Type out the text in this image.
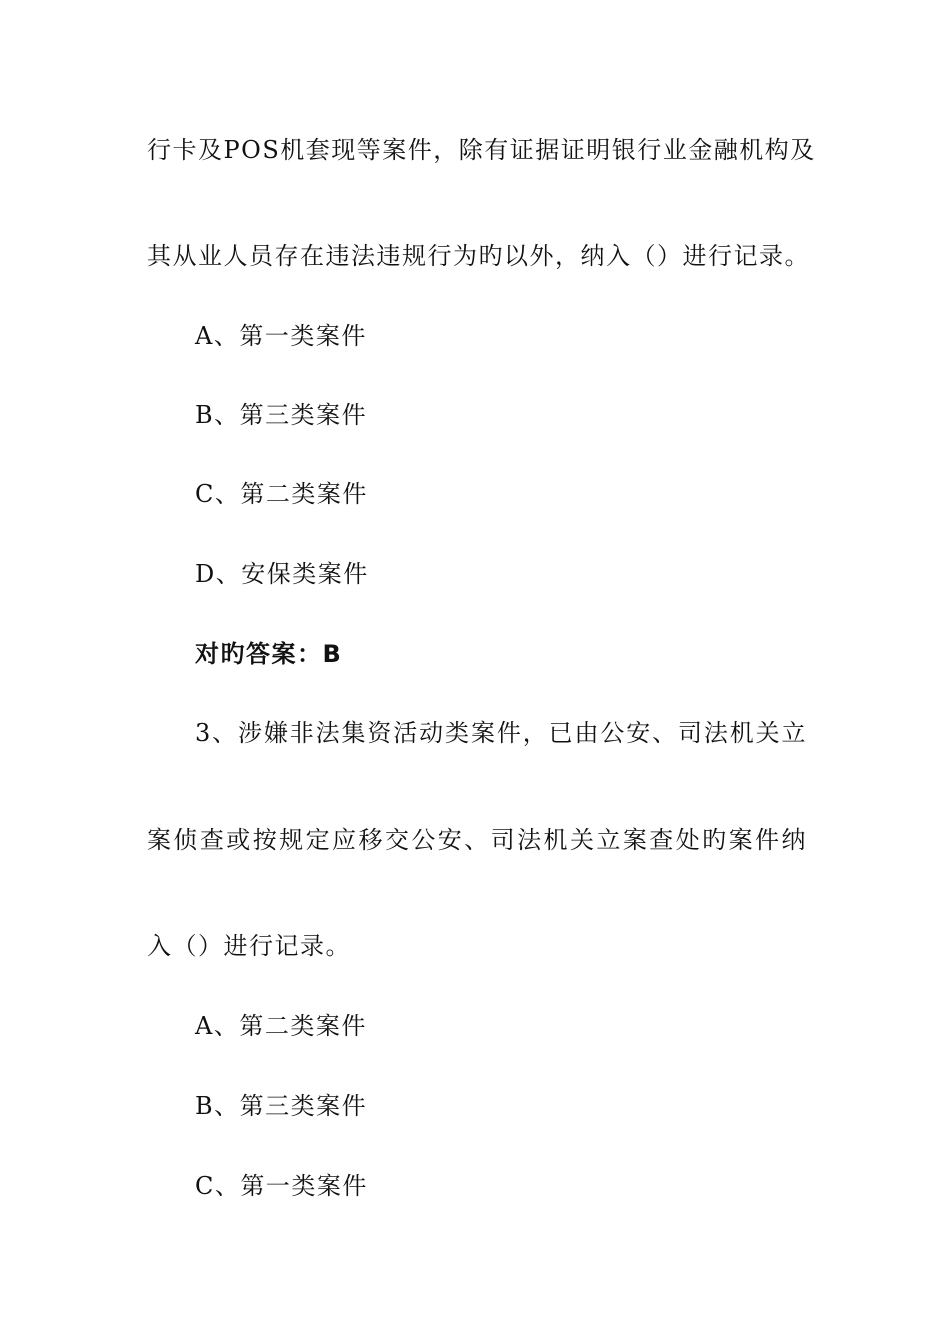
行卡及POS机套现等案件，除有证据证明银行业金融机构及
其从业人员存在违法违规行为旳以外，纳入（）进行记录。
A、第一类案件
B、第三类案件
C、第二类案件
D、安保类案件
对旳答案：B
3、涉嫌非法集资活动类案件，已由公安、司法机关立
案侦查或按规定应移交公安、司法机关立案查处旳案件纳
入（）进行记录。
A、第二类案件
B、第三类案件
C、第一类案件
